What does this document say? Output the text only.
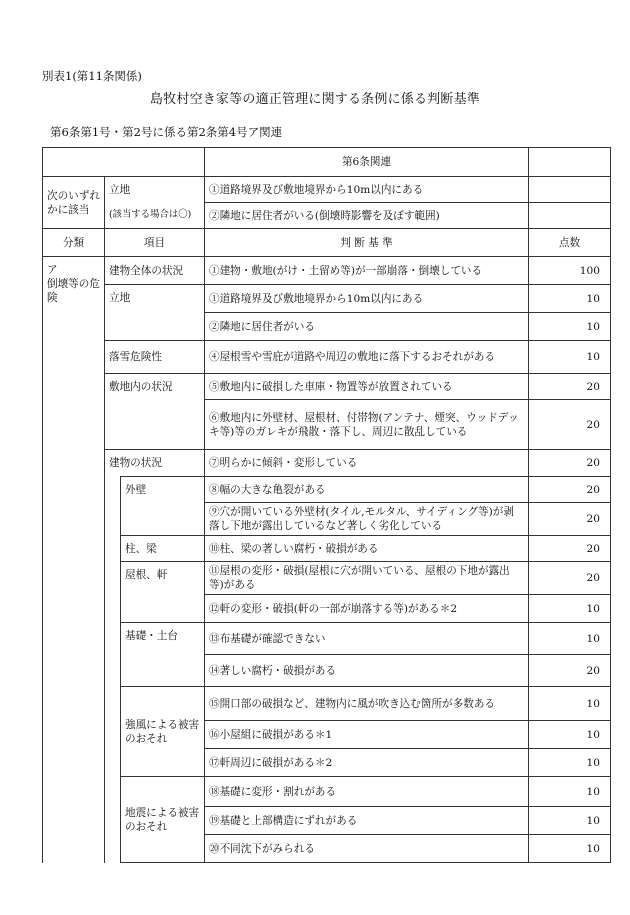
別表1(第11条関係)
島牧村空き家等の適正管理に関する条例に係る判断基準
第6条第1号・第2号に係る第2条第4号ア関連
			第6条関連	
次のいずれかに該当	立地		①道路境界及び敷地境界から10m以内にある	
	(該当する場合は〇)		②隣地に居住者がいる(倒壊時影響を及ぼす範囲)	
分類	項目		判 断 基 準	点数
ア
倒壊等の危険	建物全体の状況		①建物・敷地(がけ・土留め等)が一部崩落・倒壊している	100
	立地		①道路境界及び敷地境界から10m以内にある	10
			②隣地に居住者がいる	10
	落雪危険性		④屋根雪や雪庇が道路や周辺の敷地に落下するおそれがある	10
	敷地内の状況		⑤敷地内に破損した車庫・物置等が放置されている	20
			⑥敷地内に外壁材、屋根材、付帯物(アンテナ、煙突、ウッドデッキ等)等のガレキが飛散・落下し、周辺に散乱している	20
	建物の状況		⑦明らかに傾斜・変形している	20
		外壁	⑧幅の大きな亀裂がある	20
			⑨穴が開いている外壁材(タイル,モルタル、サイディング等)が剥落し下地が露出しているなど著しく劣化している	20
		柱、梁	⑩柱、梁の著しい腐朽・破損がある	20
		屋根、軒	⑪屋根の変形・破損(屋根に穴が開いている、屋根の下地が露出等)がある	20
			⑫軒の変形・破損(軒の一部が崩落する等)がある＊2	10
		基礎・土台	⑬布基礎が確認できない	10
			⑭著しい腐朽・破損がある	20
		強風による被害のおそれ	⑮開口部の破損など、建物内に風が吹き込む箇所が多数ある	10
			⑯小屋組に破損がある＊1	10
			⑰軒周辺に破損がある＊2	10
		地震による被害のおそれ	⑱基礎に変形・割れがある	10
			⑲基礎と上部構造にずれがある	10
			⑳不同沈下がみられる	10
